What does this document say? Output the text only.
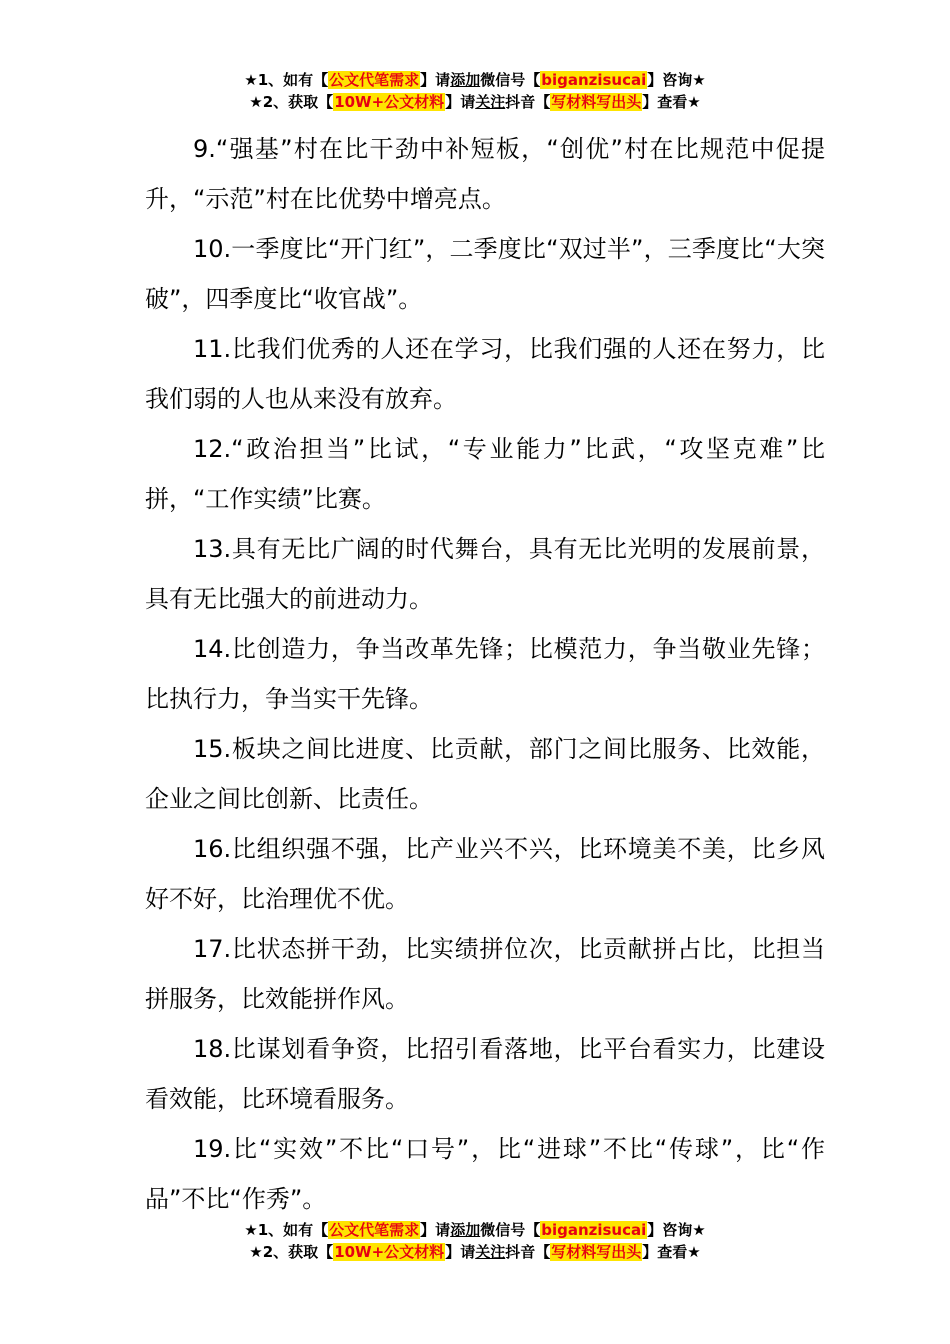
★1、如有【公文代笔需求】请添加微信号【biganzisucai】咨询★
★2、获取【10W+公文材料】请关注抖音【写材料写出头】查看★

9.“强基”村在比干劲中补短板，“创优”村在比规范中促提升，“示范”村在比优势中增亮点。

10.一季度比“开门红”，二季度比“双过半”，三季度比“大突破”，四季度比“收官战”。

11.比我们优秀的人还在学习，比我们强的人还在努力，比我们弱的人也从来没有放弃。

12.“政治担当”比试，“专业能力”比武，“攻坚克难”比拼，“工作实绩”比赛。

13.具有无比广阔的时代舞台，具有无比光明的发展前景，具有无比强大的前进动力。

14.比创造力，争当改革先锋；比模范力，争当敬业先锋；比执行力，争当实干先锋。

15.板块之间比进度、比贡献，部门之间比服务、比效能，企业之间比创新、比责任。

16.比组织强不强，比产业兴不兴，比环境美不美，比乡风好不好，比治理优不优。

17.比状态拼干劲，比实绩拼位次，比贡献拼占比，比担当拼服务，比效能拼作风。

18.比谋划看争资，比招引看落地，比平台看实力，比建设看效能，比环境看服务。

19.比“实效”不比“口号”，比“进球”不比“传球”，比“作品”不比“作秀”。

★1、如有【公文代笔需求】请添加微信号【biganzisucai】咨询★
★2、获取【10W+公文材料】请关注抖音【写材料写出头】查看★
